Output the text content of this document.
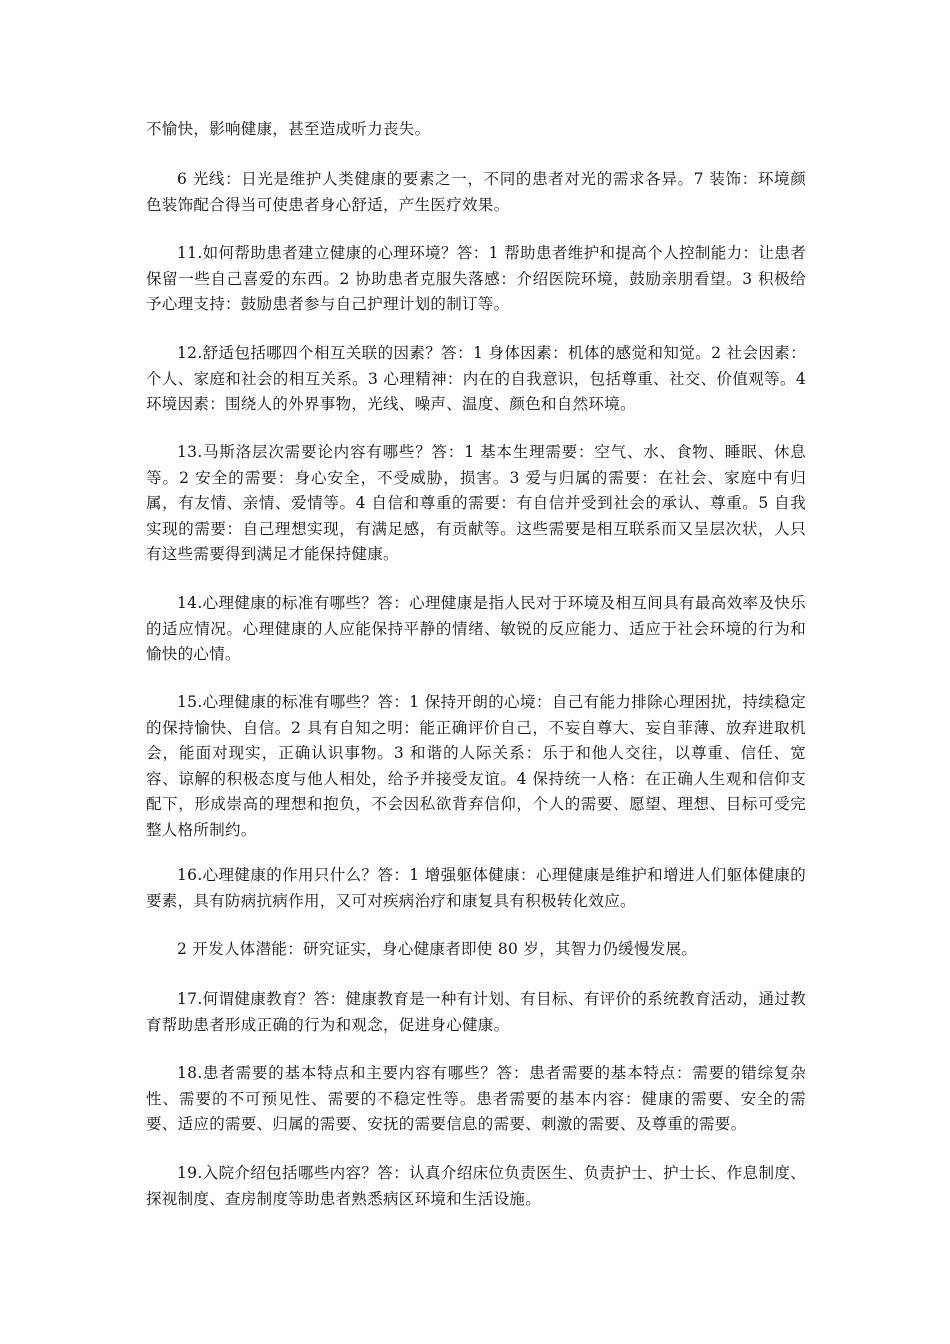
不愉快，影响健康，甚至造成听力丧失。

6 光线：日光是维护人类健康的要素之一，不同的患者对光的需求各异。7 装饰：环境颜色装饰配合得当可使患者身心舒适，产生医疗效果。

11.如何帮助患者建立健康的心理环境？答：1 帮助患者维护和提高个人控制能力：让患者保留一些自己喜爱的东西。2 协助患者克服失落感：介绍医院环境，鼓励亲朋看望。3 积极给予心理支持：鼓励患者参与自己护理计划的制订等。

12.舒适包括哪四个相互关联的因素？答：1 身体因素：机体的感觉和知觉。2 社会因素：个人、家庭和社会的相互关系。3 心理精神：内在的自我意识，包括尊重、社交、价值观等。4 环境因素：围绕人的外界事物，光线、噪声、温度、颜色和自然环境。

13.马斯洛层次需要论内容有哪些？答：1 基本生理需要：空气、水、食物、睡眠、休息等。2 安全的需要：身心安全，不受威胁，损害。3 爱与归属的需要：在社会、家庭中有归属，有友情、亲情、爱情等。4 自信和尊重的需要：有自信并受到社会的承认、尊重。5 自我实现的需要：自己理想实现，有满足感，有贡献等。这些需要是相互联系而又呈层次状，人只有这些需要得到满足才能保持健康。

14.心理健康的标准有哪些？答：心理健康是指人民对于环境及相互间具有最高效率及快乐的适应情况。心理健康的人应能保持平静的情绪、敏锐的反应能力、适应于社会环境的行为和愉快的心情。

15.心理健康的标准有哪些？答：1 保持开朗的心境：自己有能力排除心理困扰，持续稳定的保持愉快、自信。2 具有自知之明：能正确评价自己，不妄自尊大、妄自菲薄、放弃进取机会，能面对现实，正确认识事物。3 和谐的人际关系：乐于和他人交往，以尊重、信任、宽容、谅解的积极态度与他人相处，给予并接受友谊。4 保持统一人格：在正确人生观和信仰支配下，形成崇高的理想和抱负，不会因私欲背弃信仰，个人的需要、愿望、理想、目标可受完整人格所制约。

16.心理健康的作用只什么？答：1 增强躯体健康：心理健康是维护和增进人们躯体健康的要素，具有防病抗病作用，又可对疾病治疗和康复具有积极转化效应。

2 开发人体潜能：研究证实，身心健康者即使 80 岁，其智力仍缓慢发展。

17.何谓健康教育？答：健康教育是一种有计划、有目标、有评价的系统教育活动，通过教育帮助患者形成正确的行为和观念，促进身心健康。

18.患者需要的基本特点和主要内容有哪些？答：患者需要的基本特点：需要的错综复杂性、需要的不可预见性、需要的不稳定性等。患者需要的基本内容：健康的需要、安全的需要、适应的需要、归属的需要、安抚的需要信息的需要、刺激的需要、及尊重的需要。

19.入院介绍包括哪些内容？答：认真介绍床位负责医生、负责护士、护士长、作息制度、探视制度、查房制度等助患者熟悉病区环境和生活设施。
